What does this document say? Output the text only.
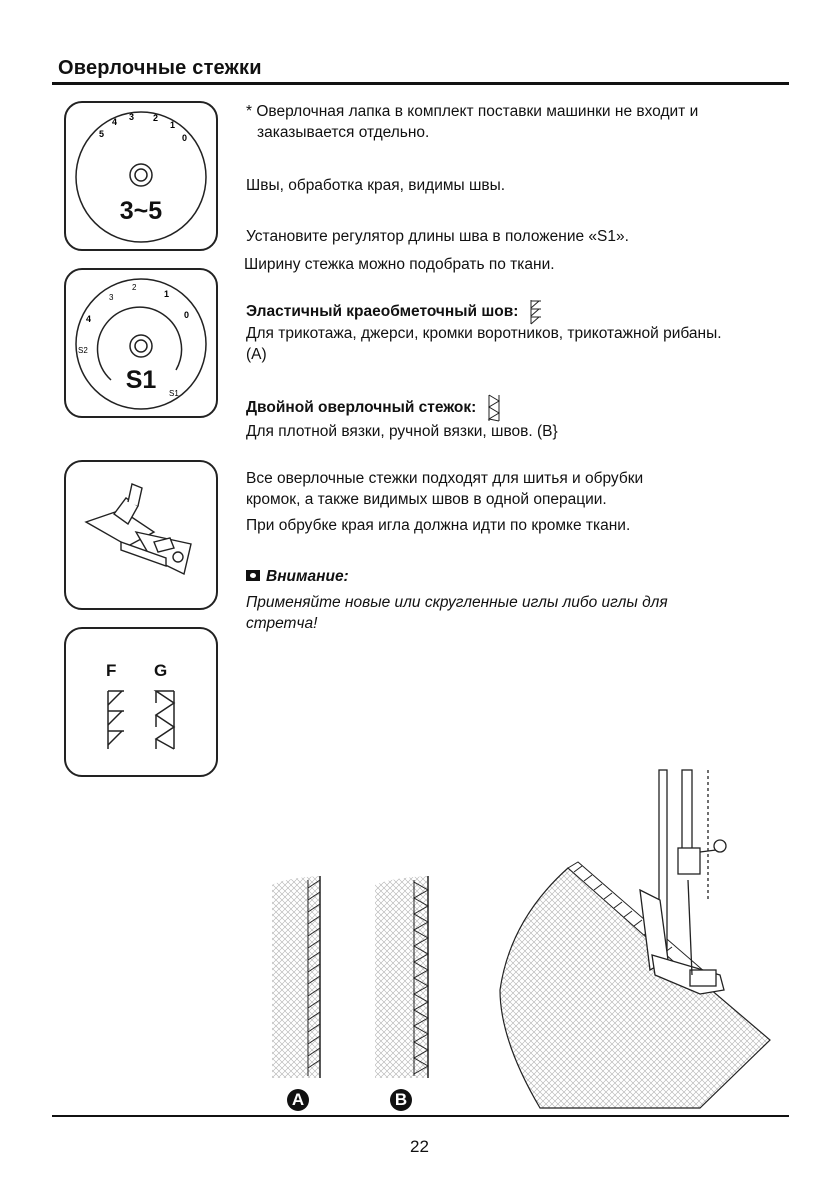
Оверлочные стежки
5
4 3 2
1
0
3~5
3
2
1
0
4
S2
S1
S1
F G
* Оверлочная лапка в комплект поставки машинки не входит и
заказывается отдельно.
Швы, обработка края, видимы швы.
Установите регулятор длины шва в положение «S1».
Ширину стежка можно подобрать по ткани.
Эластичный краеобметочный шов:
Для трикотажа, джерси, кромки воротников, трикотажной рибаны.
(A)
Двойной оверлочный стежок:
Для плотной вязки, ручной вязки, швов. (B}
Все оверлочные стежки подходят для шитья и обрубки
кромок, а также видимых швов в одной операции.
При обрубке края игла должна идти по кромке ткани.
Внимание:
Применяйте новые или скругленные иглы либо иглы для
стретча!
A	B
22
